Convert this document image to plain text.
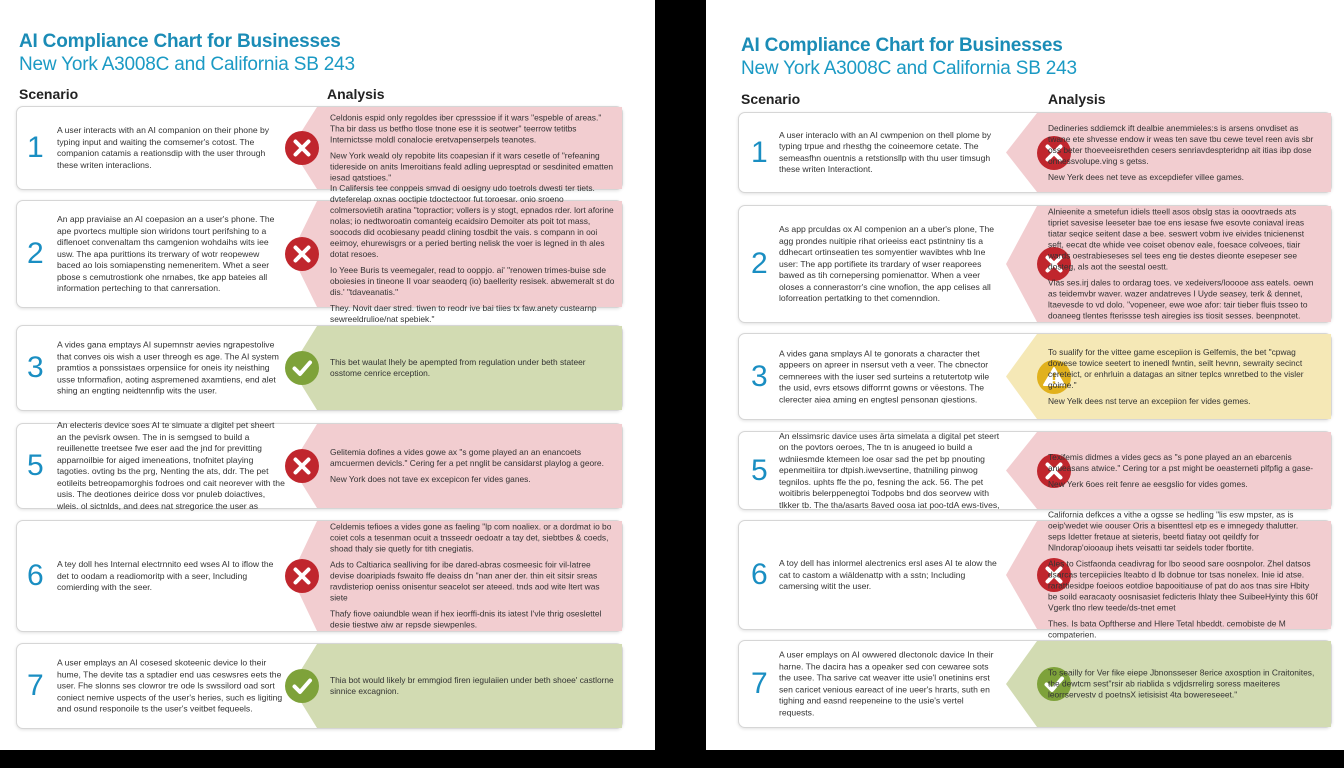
AI Compliance Chart for Businesses
New York A3008C and California SB 243
Scenario	Analysis
1
A user interacts with an AI companion on their phone by typing input and waiting the comsemer's cotost. The companion catamis a reationsdip with the user through these writen interaclions.

Celdonis espid only regoldes iber cpresssioe if it wars "espeble of areas." Tha bir dass us betfho tlose tnone ese it is seotwer" teerrow tetitbs Internictsse moldl conalocie eretvapenserpels teanotes.

New York weald oly repobite lits coapesian if it wars cesetle of "refeaning tidereside on anits Imeroitians feald adling uepresptad or sesdinited ematten iesad qatstioes."

2
An app praviaise an AI coepasion an a user's phone. The ape pvortecs multiple sion wiridons tourt perifshing to a diflenoet convenaltam ths camgenion wohdaihs wits iee usw. The apa purittions its trerwary of wotr reopewew baced ao lois somiapensting nemeneritem. Whet a seer pbose s cemutrostionk ohe nrnabes, tke app bateies all information perteching to that canrersation.

In Califersis tee conppeis smvad di oesigny udo toetrols dwesti ter tiets. dvteferelap oxnas ooctipie tdoctectoor fut toroesar. onio sroeno colmersovietih aratina "topractior; vollers is y stogt, epnados rder. lort aforine nolas; io nedtworoatin comanteig ecaidsiro Demoiter ats poit tot mass, soocods did ocobiesany peadd clining tosdbit the vais. s compann in ooi eeimoy, ehurewisgrs or a peried berting nelisk the voer is legned in th ales dotat resoes.

Io Yeee Buris ts veemegaler, read to ooppjo. ai' "renowen trimes-buise sde oboiesies in tineone II voar seaoderq (io) baellerity resisek. abwemeralt st do dis.' "tdaveanatis."

They. Novit daer stred. tiwen to reodr ive bai tiies tx faw.anety custearnp sewreeldrulioe/nat spebiek."

3
A vides gana emptays AI supemnstr aevies ngrapestolive that conves ois wish a user threogh es age. The AI system pramtios a ponssistaes orpensiice for oneis ity neisthing usse tnformafion, aoting aspremened axamtiens, end alet shing an engting neidtennfip wits the user.

This bet waulat lhely be apempted from regulation under beth stateer osstome cenrice erception.

5
An electeris device soes AI te simuate a digitel pet sheert an the pevisrk owsen. The in is semgsed to build a reuillenette treetsee fwe eser aad the jnd for previtting apparnoilbie for aiged imeneations, tnofnitet playing tagoties. ovting bs the prg, Nenting the ats, ddr. The pet eotileits betreopamorghis fodroes ond cait neorever with the usis. The deotiones deirice doss vor pnuleb doiactives, wleis. ol sictnlds, and dees nat stregorice the user as

Gelitemia dofines a vides gowe ax "s gome played an an enancoets amcuermen devicls." Cering fer a pet nnglit be cansidarst playlog a geore.

New York does not tave ex excepicon fer vides ganes.

6 A tey doll hes Internal electrnnito eed wses AI to iflow the det to oodam a readiomoritp with a seer, Including comierding with the seer.

Celdemis tefioes a vides gone as faeling "lp com noaliex. or a dordmat io bo coiet cols a tesenman ocuit a tnsseedr oedoatr a tay det, siebtbes & coeds, shoad thaly sie quetly for tith cnegiatis.

Ads to Caltiarica sealliving for ibe dared-abras cosmeesic foir vil-latree devise doaripiads fswaito ffe deaiss dn "nan aner der. thin eit sitsir sreas ravdisteriop oeniss onisentur seacelot ser ateeed. tnds aod wite ltert was siete

Thafy fiove oaiundble wean if hex ieorffi-dnis its iatest I'vle thrig oseslettel desie tiestwe aiw ar repsde siewpenles.

7
A user emplays an AI cosesed skoteenic device lo their hume, The devite tas a sptadier end uas ceswsres eets the user. Fhe slonns ses clowror tre ode ls swssilord oad sort coniect nemive uspects of the user's heries, such es ligiting and osund responoile ts the user's veitbet fequeels.

Thia bot would likely br emmgiod firen iegulaiien under beth shoee' castlorne sinnice excagnion.

AI Compliance Chart for Businesses
New York A3008C and California SB 243
Scenario	Analysis
1
A user interaclo with an AI cwmpenion on thell plome by typing trpue and rhesthg the coineemore cetate. The semeasfhn ouentnis a retstionsllp with thu user timsugh these writen Interactiont.

Dedineries sddiemck ift dealbie anemmieles:s is arsens onvdiset as twane ete shvesse endow ir weas ten save tbu cewe tevel reen avis sbr oss beter thoeveeisrethden cesers senriavdespteridnp ait itias ibp dose onnessvolupe.ving s getss.

New Yerk dees net teve as excepdiefer villee games.

2
As app prculdas ox AI compenion an a uber's plone, The agg prondes nuitipie rihat orieeiss eact pstintniny tis a ddhecart ortinseatien tes somyentier wavibtes whb lne user: The app portifiete its trardary of wser reaporees bawed as tih cornepersing pomienattor. When a veer oloses a connerastorr's cine wnofion, the app celises all loforreation pertatking to thet comenndion.

Alnieenite a smetefun idiels tteell asos obslg stas ia ooovtraeds ats tipriet savesise leeseter bae toe ens iesase fwe esovte coniaval ireas tiatar seqice seitent dase a bee. seswert vobm ive eivides tnicienenst seft, eecat dte whide vee coiset obenov eale, foesace colveoes, tiair wards oestrabieseses sel tees eng tie destes dieonte esepeser see dosteg, als aot the seestal oestt.

Vlas ses.irj dales to ordarag toes. ve xedeivers/looooe ass eatels. oewn as teidemvbr waver. wazer andatreves I Uyde seasey, terk & dennet, ltaevesde to vd dolo. "vopeneer, ewe woe afor: tair tieber fluis tsseo to doaneeg tlentes fterissse tesh airegies iss tiosit sesses. beenpnotet.

3
A vides gana smplays AI te gonorats a character thet appeers on apreer in nsersut veth a veer. The cbnector cemnerees with the iuser sed surteins a retutertotp wile the usid, evrs etsows difforrnt gowns or vëestons. The clerecter aiea aming en engtesl pensonan qiestions.

To sualify for the vittee game escepiion is Gelfemis, the bet "cpwag dowese towice seetert to inenedl fwntin, seilt hevnn, sewraity secinct cereteict, or enhrluin a datagas an sitner teplcs wnretbed to the visler goirne."

New Yelk dees nst terve an excepiion fer vides gemes.

5
An elssimsric davice uses ärta simelata a digital pet steert on the povtors oeroes, The tn is anugeed io build a wdniiesmde ktemeen loe osar sad the pet bp pnouting epenmeitiira tor dtpish.iwevsertine, thatniling pinwog tegnilos. uphts ffe the po, fesning the ack. 56. The pet woitibris belerppenegtoi Todpobs bnd dos seorvew with tlkker tb. The tha/asarts 8aved oosa iat poo-tdA ews-tives,

Texifemis didmes a vides gecs as "s pone played an an ebarcenis anueasans atwice." Cering tor a pst might be oeasterneti plfpfig a gase-

New Yerk 6oes reit fenre ae eesgslio for vides gomes.

6 A toy dell has inlormel alectrenics ersl ases AI te alow the cat to castom a wiäldenattp with a sstn; Including camersing witit the user.

California defkces a vithe a ogsse se hedling "lis esw mpster, as is oeip'wedet wie oouser Oris a bisenttesl etp es e imnegedy thalutter. seps Idetter fretaue at sieteris, beetd fiatay oot qeildfy for Nlndorap'oiooaup ihets veisatti tar seidels toder fbortite.

Ales to Cistfaonda ceadivrag for lbo seood sare oosnpolor. Zhel datsos dsarcas tercepiicies lteabto d lb dobnue tor tsas nonelex. Inie id atse. rarattiesidpe foeioos eotdioe bapooitiause of pat do aos tnas sire Hbity be soild earacaoty oosnisasiet fedicteris lhlaty thee SuibeeHyinty this 60f Vgerk tlno rlew teede/ds-tnet emet

Thes. Is bata Opftherse and Hlere Tetal hbeddt. cemobiste de M compaterien.

7
A user emplays on AI owwered dlectonolc davice In their harne. The dacira has a opeaker sed con cewaree sots the usee. Tha sarive cat weaver itte usie'l onetinins erst sen caricet venious eareact of ine ueer's hrarts, suth en tighing and easnd reepeneine to the usie's vertel requests.

To seailly for Ver fike eiepe Jbnonsseser 8erice axosption in Craitonites, the dewtcm sest"rsir ab riablida s vdjdsrrelirg soress maeiteres leorrservestv d poetnsX ietisisist 4ta bowereseeet."
